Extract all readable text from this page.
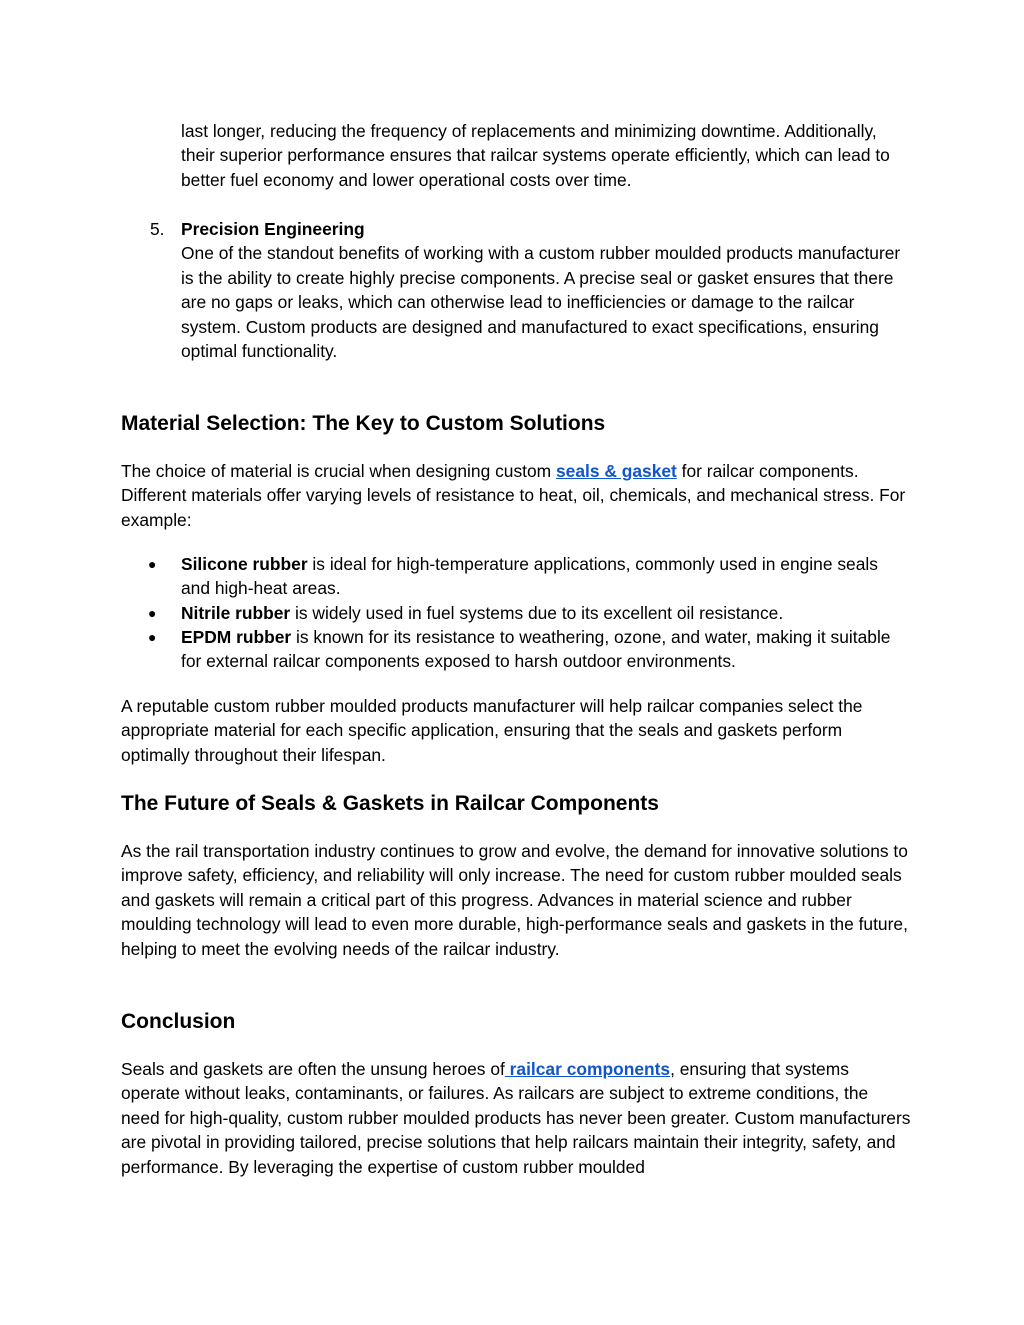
last longer, reducing the frequency of replacements and minimizing downtime. Additionally, their superior performance ensures that railcar systems operate efficiently, which can lead to better fuel economy and lower operational costs over time.

5. Precision Engineering

One of the standout benefits of working with a custom rubber moulded products manufacturer is the ability to create highly precise components. A precise seal or gasket ensures that there are no gaps or leaks, which can otherwise lead to inefficiencies or damage to the railcar system. Custom products are designed and manufactured to exact specifications, ensuring optimal functionality.

Material Selection: The Key to Custom Solutions

The choice of material is crucial when designing custom seals & gasket for railcar components. Different materials offer varying levels of resistance to heat, oil, chemicals, and mechanical stress. For example:

● Silicone rubber is ideal for high-temperature applications, commonly used in engine seals and high-heat areas.

● Nitrile rubber is widely used in fuel systems due to its excellent oil resistance.

● EPDM rubber is known for its resistance to weathering, ozone, and water, making it suitable for external railcar components exposed to harsh outdoor environments.

A reputable custom rubber moulded products manufacturer will help railcar companies select the appropriate material for each specific application, ensuring that the seals and gaskets perform optimally throughout their lifespan.

The Future of Seals & Gaskets in Railcar Components

As the rail transportation industry continues to grow and evolve, the demand for innovative solutions to improve safety, efficiency, and reliability will only increase. The need for custom rubber moulded seals and gaskets will remain a critical part of this progress. Advances in material science and rubber moulding technology will lead to even more durable, high-performance seals and gaskets in the future, helping to meet the evolving needs of the railcar industry.

Conclusion

Seals and gaskets are often the unsung heroes of railcar components, ensuring that systems operate without leaks, contaminants, or failures. As railcars are subject to extreme conditions, the need for high-quality, custom rubber moulded products has never been greater. Custom manufacturers are pivotal in providing tailored, precise solutions that help railcars maintain their integrity, safety, and performance. By leveraging the expertise of custom rubber moulded
